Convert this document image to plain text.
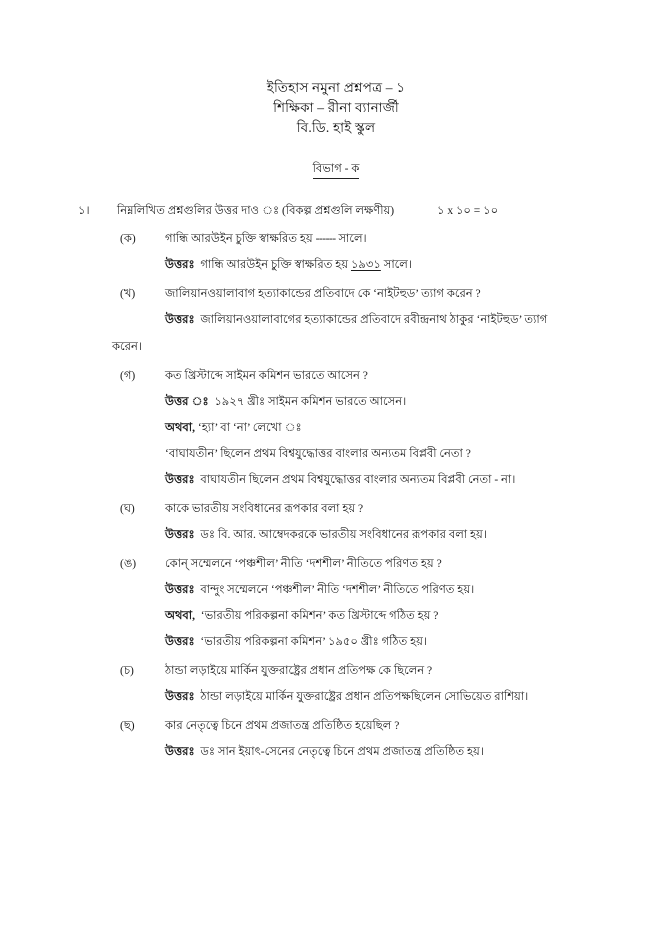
ইতিহাস নমুনা প্রশ্নপত্র – ১
শিক্ষিকা – রীনা ব্যানার্জী
বি.ডি. হাই স্কুল
বিভাগ - ক
১। নিম্নলিখিত প্রশ্নগুলির উত্তর দাও ঃ (বিকল্প প্রশ্নগুলি লক্ষণীয়)	১ x ১০ = ১০
(ক)	গান্ধি আরউইন চুক্তি স্বাক্ষরিত হয় ------ সালে।
উত্তরঃ গান্ধি আরউইন চুক্তি স্বাক্ষরিত হয় ১৯৩১ সালে।
(খ)	জালিয়ানওয়ালাবাগ হত্যাকান্ডের প্রতিবাদে কে ‘নাইটহুড’ ত্যাগ করেন ?
উত্তরঃ জালিয়ানওয়ালাবাগের হত্যাকান্ডের প্রতিবাদে রবীন্দ্রনাথ ঠাকুর ‘নাইটহুড’ ত্যাগ
করেন।
(গ)	কত খ্রিস্টাব্দে সাইমন কমিশন ভারতে আসেন ?
উত্তর ঃ ১৯২৭ খ্রীঃ সাইমন কমিশন ভারতে আসেন।
অথবা, ‘হ্যা’ বা ‘না’ লেখো ঃ
‘বাঘাযতীন’ ছিলেন প্রথম বিশ্বযুদ্ধোত্তর বাংলার অন্যতম বিপ্লবী নেতা ?
উত্তরঃ বাঘাযতীন ছিলেন প্রথম বিশ্বযুদ্ধোত্তর বাংলার অন্যতম বিপ্লবী নেতা - না।
(ঘ)	কাকে ভারতীয় সংবিধানের রূপকার বলা হয় ?
উত্তরঃ ডঃ বি. আর. আম্বেদকরকে ভারতীয় সংবিধানের রূপকার বলা হয়।
(ঙ)	কোন্ সম্মেলনে ‘পঞ্চশীল’ নীতি ‘দশশীল’ নীতিতে পরিণত হয় ?
উত্তরঃ বান্দুং সম্মেলনে ‘পঞ্চশীল’ নীতি ‘দশশীল’ নীতিতে পরিণত হয়।
অথবা, ‘ভারতীয় পরিকল্পনা কমিশন’ কত খ্রিস্টাব্দে গঠিত হয় ?
উত্তরঃ ‘ভারতীয় পরিকল্পনা কমিশন’ ১৯৫০ খ্রীঃ গঠিত হয়।
(চ)	ঠান্ডা লড়াইয়ে মার্কিন যুক্তরাষ্ট্রের প্রধান প্রতিপক্ষ কে ছিলেন ?
উত্তরঃ ঠান্ডা লড়াইয়ে মার্কিন যুক্তরাষ্ট্রের প্রধান প্রতিপক্ষছিলেন সোভিয়েত রাশিয়া।
(ছ)	কার নেতৃত্বে চিনে প্রথম প্রজাতন্ত্র প্রতিষ্ঠিত হয়েছিল ?
উত্তরঃ ডঃ সান ইয়াৎ-সেনের নেতৃত্বে চিনে প্রথম প্রজাতন্ত্র প্রতিষ্ঠিত হয়।
